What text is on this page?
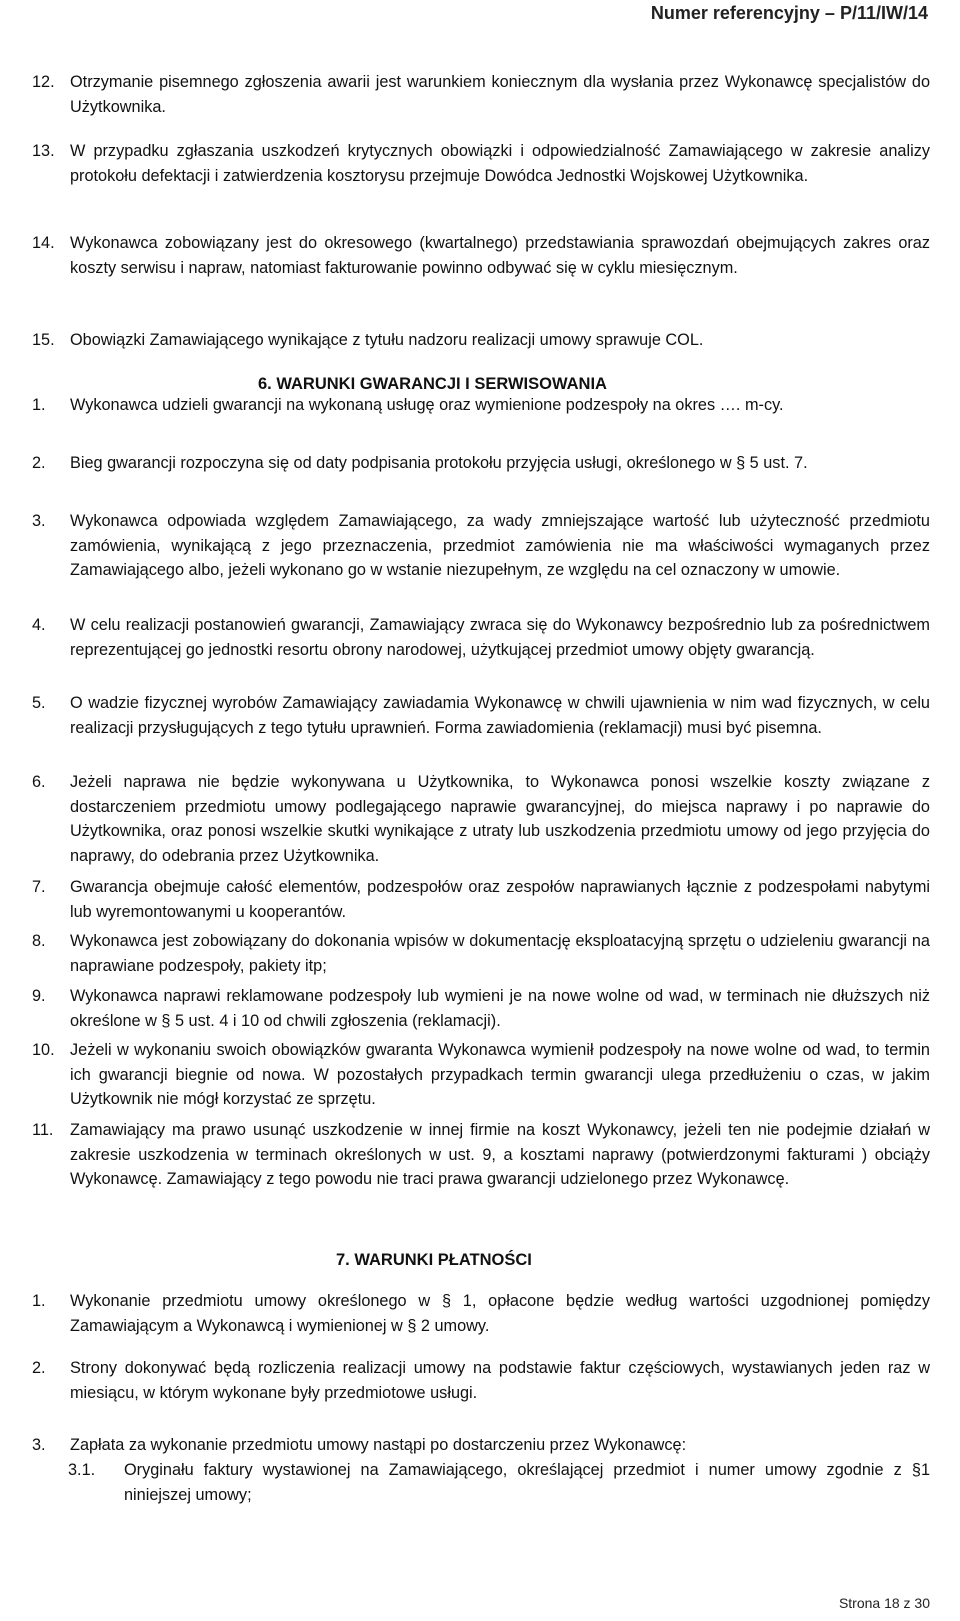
Numer referencyjny – P/11/IW/14
12. Otrzymanie pisemnego zgłoszenia awarii jest warunkiem koniecznym dla wysłania przez Wykonawcę specjalistów do Użytkownika.
13. W przypadku zgłaszania uszkodzeń krytycznych obowiązki i odpowiedzialność Zamawiającego w zakresie analizy protokołu defektacji i zatwierdzenia kosztorysu przejmuje Dowódca Jednostki Wojskowej Użytkownika.
14. Wykonawca zobowiązany jest do okresowego (kwartalnego) przedstawiania sprawozdań obejmujących zakres oraz koszty serwisu i napraw, natomiast fakturowanie powinno odbywać się w cyklu miesięcznym.
15. Obowiązki Zamawiającego wynikające z tytułu nadzoru realizacji umowy sprawuje COL.
6. WARUNKI GWARANCJI I SERWISOWANIA
1. Wykonawca udzieli gwarancji na wykonaną usługę oraz wymienione podzespoły na okres …. m-cy.
2. Bieg gwarancji rozpoczyna się od daty podpisania protokołu przyjęcia usługi, określonego w § 5 ust. 7.
3. Wykonawca odpowiada względem Zamawiającego, za wady zmniejszające wartość lub użyteczność przedmiotu zamówienia, wynikającą z jego przeznaczenia, przedmiot zamówienia nie ma właściwości wymaganych przez Zamawiającego albo, jeżeli wykonano go w wstanie niezupełnym, ze względu na cel oznaczony w umowie.
4. W celu realizacji postanowień gwarancji, Zamawiający zwraca się do Wykonawcy bezpośrednio lub za pośrednictwem reprezentującej go jednostki resortu obrony narodowej, użytkującej przedmiot umowy objęty gwarancją.
5. O wadzie fizycznej wyrobów Zamawiający zawiadamia Wykonawcę w chwili ujawnienia w nim wad fizycznych, w celu realizacji przysługujących z tego tytułu uprawnień. Forma zawiadomienia (reklamacji) musi być pisemna.
6. Jeżeli naprawa nie będzie wykonywana u Użytkownika, to Wykonawca ponosi wszelkie koszty związane z dostarczeniem przedmiotu umowy podlegającego naprawie gwarancyjnej, do miejsca naprawy i po naprawie do Użytkownika, oraz ponosi wszelkie skutki wynikające z utraty lub uszkodzenia przedmiotu umowy od jego przyjęcia do naprawy, do odebrania przez Użytkownika.
7. Gwarancja obejmuje całość elementów, podzespołów oraz zespołów naprawianych łącznie z podzespołami nabytymi lub wyremontowanymi u kooperantów.
8. Wykonawca jest zobowiązany do dokonania wpisów w dokumentację eksploatacyjną sprzętu o udzieleniu gwarancji na naprawiane podzespoły, pakiety itp;
9. Wykonawca naprawi reklamowane podzespoły lub wymieni je na nowe wolne od wad, w terminach nie dłuższych niż określone w § 5 ust. 4 i 10 od chwili zgłoszenia (reklamacji).
10. Jeżeli w wykonaniu swoich obowiązków gwaranta Wykonawca wymienił podzespoły na nowe wolne od wad, to termin ich gwarancji biegnie od nowa. W pozostałych przypadkach termin gwarancji ulega przedłużeniu o czas, w jakim Użytkownik nie mógł korzystać ze sprzętu.
11. Zamawiający ma prawo usunąć uszkodzenie w innej firmie na koszt Wykonawcy, jeżeli ten nie podejmie działań w zakresie uszkodzenia w terminach określonych w ust. 9, a kosztami naprawy (potwierdzonymi fakturami ) obciąży Wykonawcę. Zamawiający z tego powodu nie traci prawa gwarancji udzielonego przez Wykonawcę.
7. WARUNKI PŁATNOŚCI
1. Wykonanie przedmiotu umowy określonego w § 1, opłacone będzie według wartości uzgodnionej pomiędzy Zamawiającym a Wykonawcą i wymienionej w § 2 umowy.
2. Strony dokonywać będą rozliczenia realizacji umowy na podstawie faktur częściowych, wystawianych jeden raz w miesiącu, w którym wykonane były przedmiotowe usługi.
3. Zapłata za wykonanie przedmiotu umowy nastąpi po dostarczeniu przez Wykonawcę:
3.1. Oryginału faktury wystawionej na Zamawiającego, określającej przedmiot i numer umowy zgodnie z §1 niniejszej umowy;
Strona 18 z 30
